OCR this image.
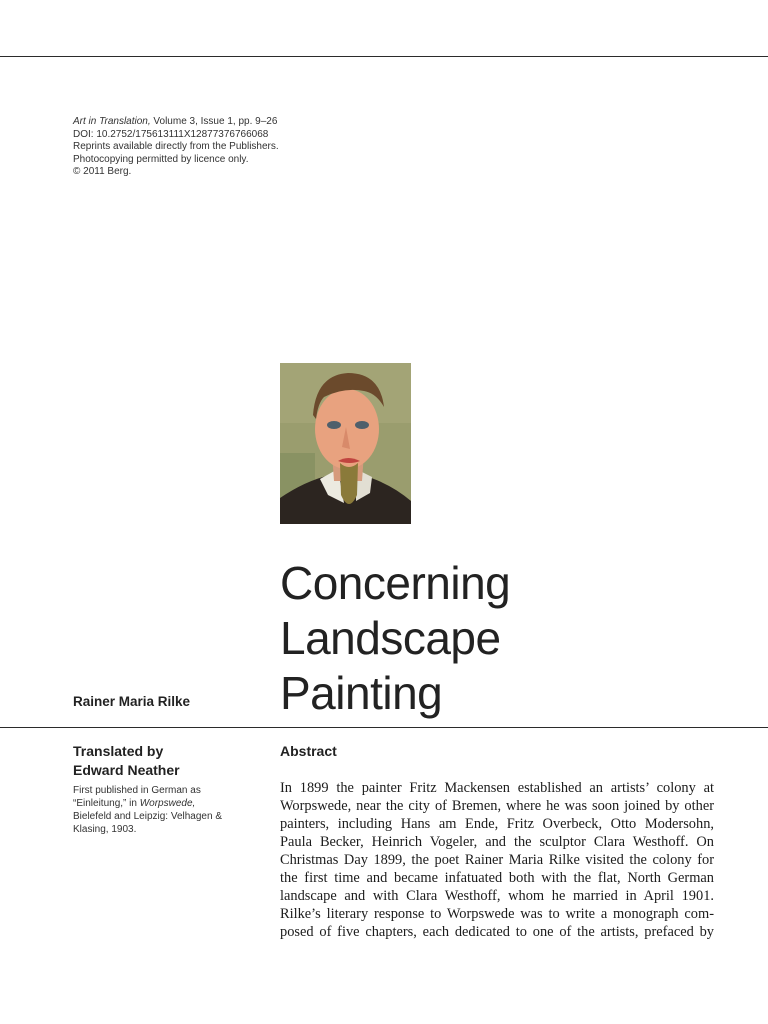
Art in Translation, Volume 3, Issue 1, pp. 9–26
DOI: 10.2752/175613111X12877376766068
Reprints available directly from the Publishers.
Photocopying permitted by licence only.
© 2011 Berg.
Concerning
Landscape
Painting
Rainer Maria Rilke
Translated by
Edward Neather
First published in German as
“Einleitung,” in Worpswede,
Bielefeld and Leipzig: Velhagen &
Klasing, 1903.
Abstract
In 1899 the painter Fritz Mackensen established an artists’ colony at
Worpswede, near the city of Bremen, where he was soon joined by other
painters, including Hans am Ende, Fritz Overbeck, Otto Modersohn,
Paula Becker, Heinrich Vogeler, and the sculptor Clara Westhoff. On
Christmas Day 1899, the poet Rainer Maria Rilke visited the colony for
the first time and became infatuated both with the flat, North German
landscape and with Clara Westhoff, whom he married in April 1901.
Rilke’s literary response to Worpswede was to write a monograph com-
posed of five chapters, each dedicated to one of the artists, prefaced by
